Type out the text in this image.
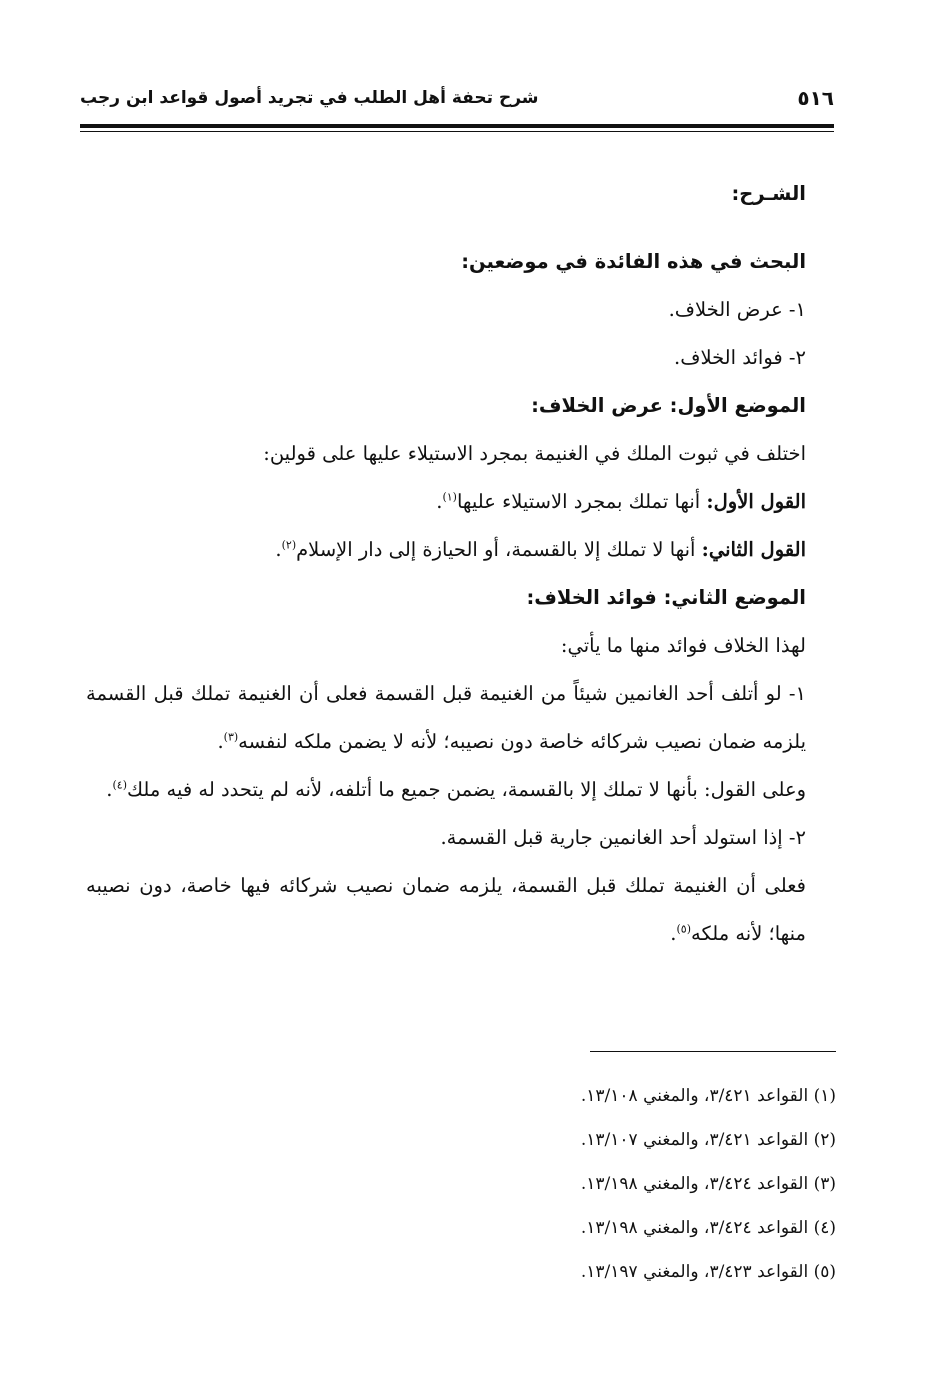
٥١٦
شرح تحفة أهل الطلب في تجريد أصول قواعد ابن رجب

الشـرح:

البحث في هذه الفائدة في موضعين:

١- عرض الخلاف.

٢- فوائد الخلاف.

الموضع الأول: عرض الخلاف:

اختلف في ثبوت الملك في الغنيمة بمجرد الاستيلاء عليها على قولين:

القول الأول: أنها تملك بمجرد الاستيلاء عليها$^{(١)}$.

القول الثاني: أنها لا تملك إلا بالقسمة، أو الحيازة إلى دار الإسلام$^{(٢)}$.

الموضع الثاني: فوائد الخلاف:

لهذا الخلاف فوائد منها ما يأتي:

١- لو أتلف أحد الغانمين شيئاً من الغنيمة قبل القسمة فعلى أن الغنيمة تملك قبل القسمة يلزمه ضمان نصيب شركائه خاصة دون نصيبه؛ لأنه لا يضمن ملكه لنفسه$^{(٣)}$.

وعلى القول: بأنها لا تملك إلا بالقسمة، يضمن جميع ما أتلفه، لأنه لم يتحدد له فيه ملك$^{(٤)}$.

٢- إذا استولد أحد الغانمين جارية قبل القسمة.

فعلى أن الغنيمة تملك قبل القسمة، يلزمه ضمان نصيب شركائه فيها خاصة، دون نصيبه منها؛ لأنه ملكه$^{(٥)}$.

(١) القواعد ٣/٤٢١، والمغني ١٣/١٠٨.

(٢) القواعد ٣/٤٢١، والمغني ١٣/١٠٧.

(٣) القواعد ٣/٤٢٤، والمغني ١٣/١٩٨.

(٤) القواعد ٣/٤٢٤، والمغني ١٣/١٩٨.

(٥) القواعد ٣/٤٢٣، والمغني ١٣/١٩٧.
